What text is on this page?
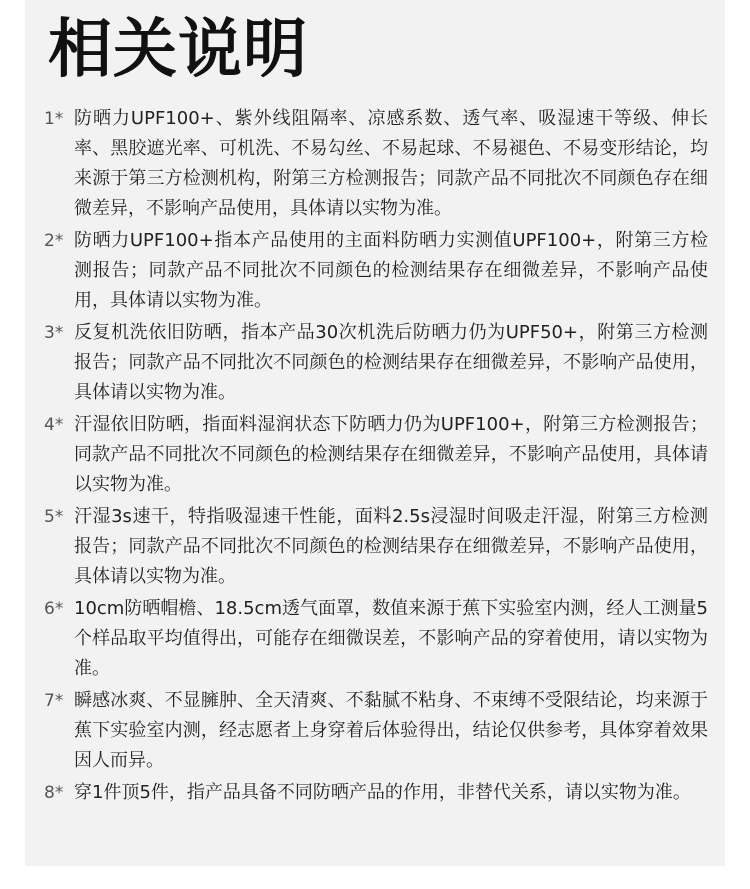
相关说明
1* 防晒力UPF100+、紫外线阻隔率、凉感系数、透气率、吸湿速干等级、伸长率、黑胶遮光率、可机洗、不易勾丝、不易起球、不易褪色、不易变形结论，均来源于第三方检测机构，附第三方检测报告；同款产品不同批次不同颜色存在细微差异，不影响产品使用，具体请以实物为准。
2* 防晒力UPF100+指本产品使用的主面料防晒力实测值UPF100+，附第三方检测报告；同款产品不同批次不同颜色的检测结果存在细微差异，不影响产品使用，具体请以实物为准。
3* 反复机洗依旧防晒，指本产品30次机洗后防晒力仍为UPF50+，附第三方检测报告；同款产品不同批次不同颜色的检测结果存在细微差异，不影响产品使用，具体请以实物为准。
4* 汗湿依旧防晒，指面料湿润状态下防晒力仍为UPF100+，附第三方检测报告；同款产品不同批次不同颜色的检测结果存在细微差异，不影响产品使用，具体请以实物为准。
5* 汗湿3s速干，特指吸湿速干性能，面料2.5s浸湿时间吸走汗湿，附第三方检测报告；同款产品不同批次不同颜色的检测结果存在细微差异，不影响产品使用，具体请以实物为准。
6* 10cm防晒帽檐、18.5cm透气面罩，数值来源于蕉下实验室内测，经人工测量5个样品取平均值得出，可能存在细微误差，不影响产品的穿着使用，请以实物为准。
7* 瞬感冰爽、不显臃肿、全天清爽、不黏腻不粘身、不束缚不受限结论，均来源于蕉下实验室内测，经志愿者上身穿着后体验得出，结论仅供参考，具体穿着效果因人而异。
8* 穿1件顶5件，指产品具备不同防晒产品的作用，非替代关系，请以实物为准。
